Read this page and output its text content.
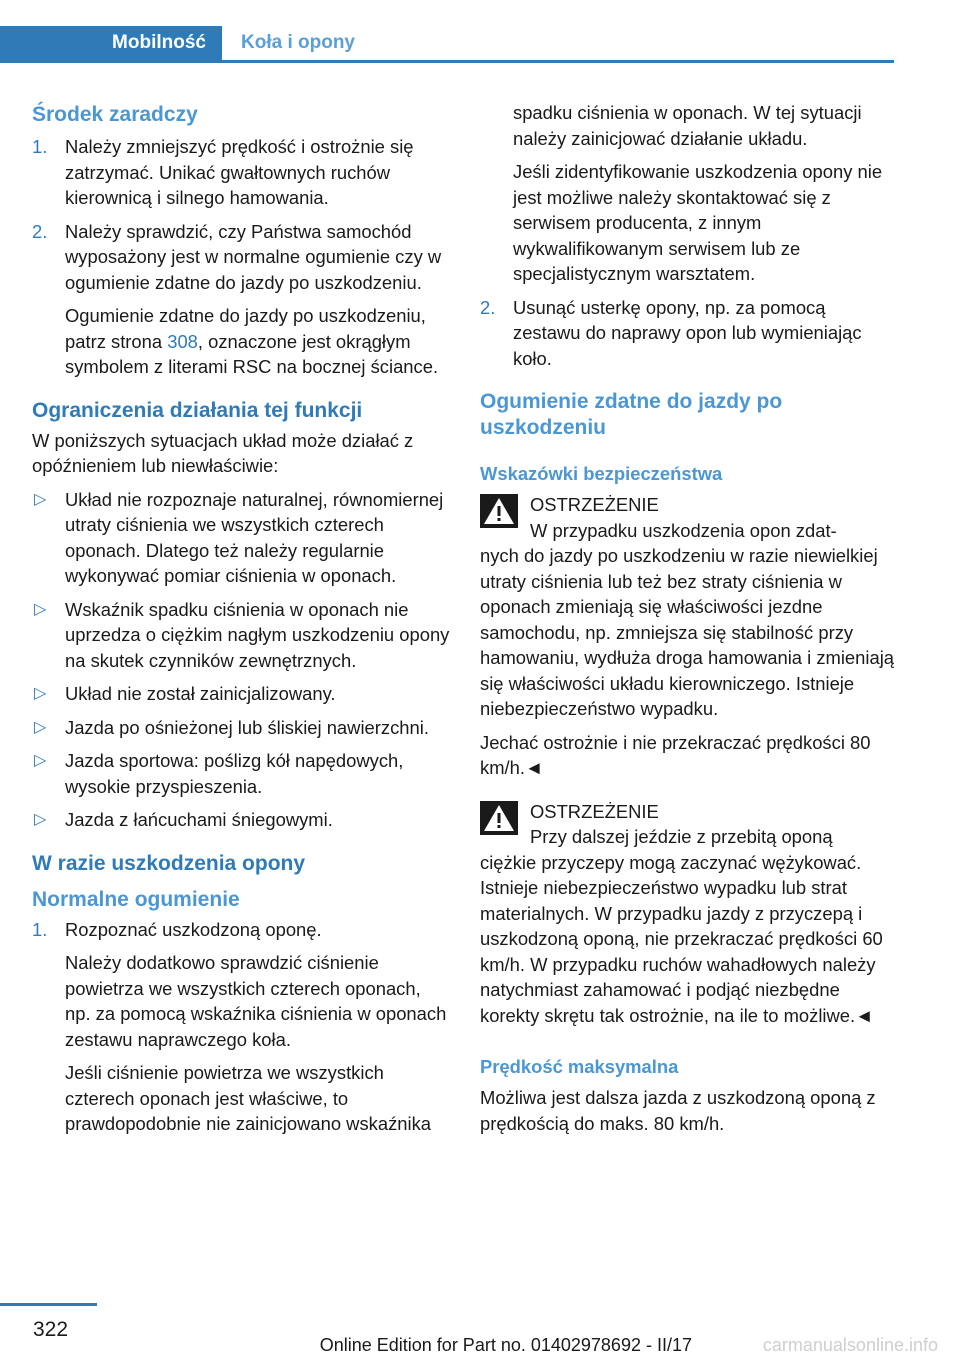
Mobilność	Koła i opony
Środek zaradczy
1. Należy zmniejszyć prędkość i ostrożnie się zatrzymać. Unikać gwałtownych ruchów kierownicą i silnego hamowania.
2. Należy sprawdzić, czy Państwa samochód wyposażony jest w normalne ogumienie czy w ogumienie zdatne do jazdy po uszkodzeniu.

Ogumienie zdatne do jazdy po uszkodzeniu, patrz strona 308, oznaczone jest okrągłym symbolem z literami RSC na bocznej ściance.

Ograniczenia działania tej funkcji

W poniższych sytuacjach układ może działać z opóźnieniem lub niewłaściwie:

▷ Układ nie rozpoznaje naturalnej, równomiernej utraty ciśnienia we wszystkich czterech oponach. Dlatego też należy regularnie wykonywać pomiar ciśnienia w oponach.
▷ Wskaźnik spadku ciśnienia w oponach nie uprzedza o ciężkim nagłym uszkodzeniu opony na skutek czynników zewnętrznych.
▷ Układ nie został zainicjalizowany.
▷ Jazda po ośnieżonej lub śliskiej nawierzchni.
▷ Jazda sportowa: poślizg kół napędowych, wysokie przyspieszenia.
▷ Jazda z łańcuchami śniegowymi.
W razie uszkodzenia opony
Normalne ogumienie
1. Rozpoznać uszkodzoną oponę.

Należy dodatkowo sprawdzić ciśnienie powietrza we wszystkich czterech oponach, np. za pomocą wskaźnika ciśnienia w oponach zestawu naprawczego koła.

Jeśli ciśnienie powietrza we wszystkich czterech oponach jest właściwe, to prawdopodobnie nie zainicjowano wskaźnika

spadku ciśnienia w oponach. W tej sytuacji należy zainicjować działanie układu.

Jeśli zidentyfikowanie uszkodzenia opony nie jest możliwe należy skontaktować się z serwisem producenta, z innym wykwalifikowanym serwisem lub ze specjalistycznym warsztatem.

2. Usunąć usterkę opony, np. za pomocą zestawu do naprawy opon lub wymieniając koło.
Ogumienie zdatne do jazdy po uszkodzeniu
Wskazówki bezpieczeństwa

OSTRZEŻENIE

W przypadku uszkodzenia opon zdat-

nych do jazdy po uszkodzeniu w razie niewielkiej utraty ciśnienia lub też bez straty ciśnienia w oponach zmieniają się właściwości jezdne samochodu, np. zmniejsza się stabilność przy hamowaniu, wydłuża droga hamowania i zmieniają się właściwości układu kierowniczego. Istnieje niebezpieczeństwo wypadku.

Jechać ostrożnie i nie przekraczać prędkości 80 km/h.◄

OSTRZEŻENIE

Przy dalszej jeździe z przebitą oponą

ciężkie przyczepy mogą zaczynać wężykować. Istnieje niebezpieczeństwo wypadku lub strat materialnych. W przypadku jazdy z przyczepą i uszkodzoną oponą, nie przekraczać prędkości 60 km/h. W przypadku ruchów wahadłowych należy natychmiast zahamować i podjąć niezbędne korekty skrętu tak ostrożnie, na ile to możliwe.◄

Prędkość maksymalna

Możliwa jest dalsza jazda z uszkodzoną oponą z prędkością do maks. 80 km/h.

322
Online Edition for Part no. 01402978692 - II/17	carmanualsonline.info
